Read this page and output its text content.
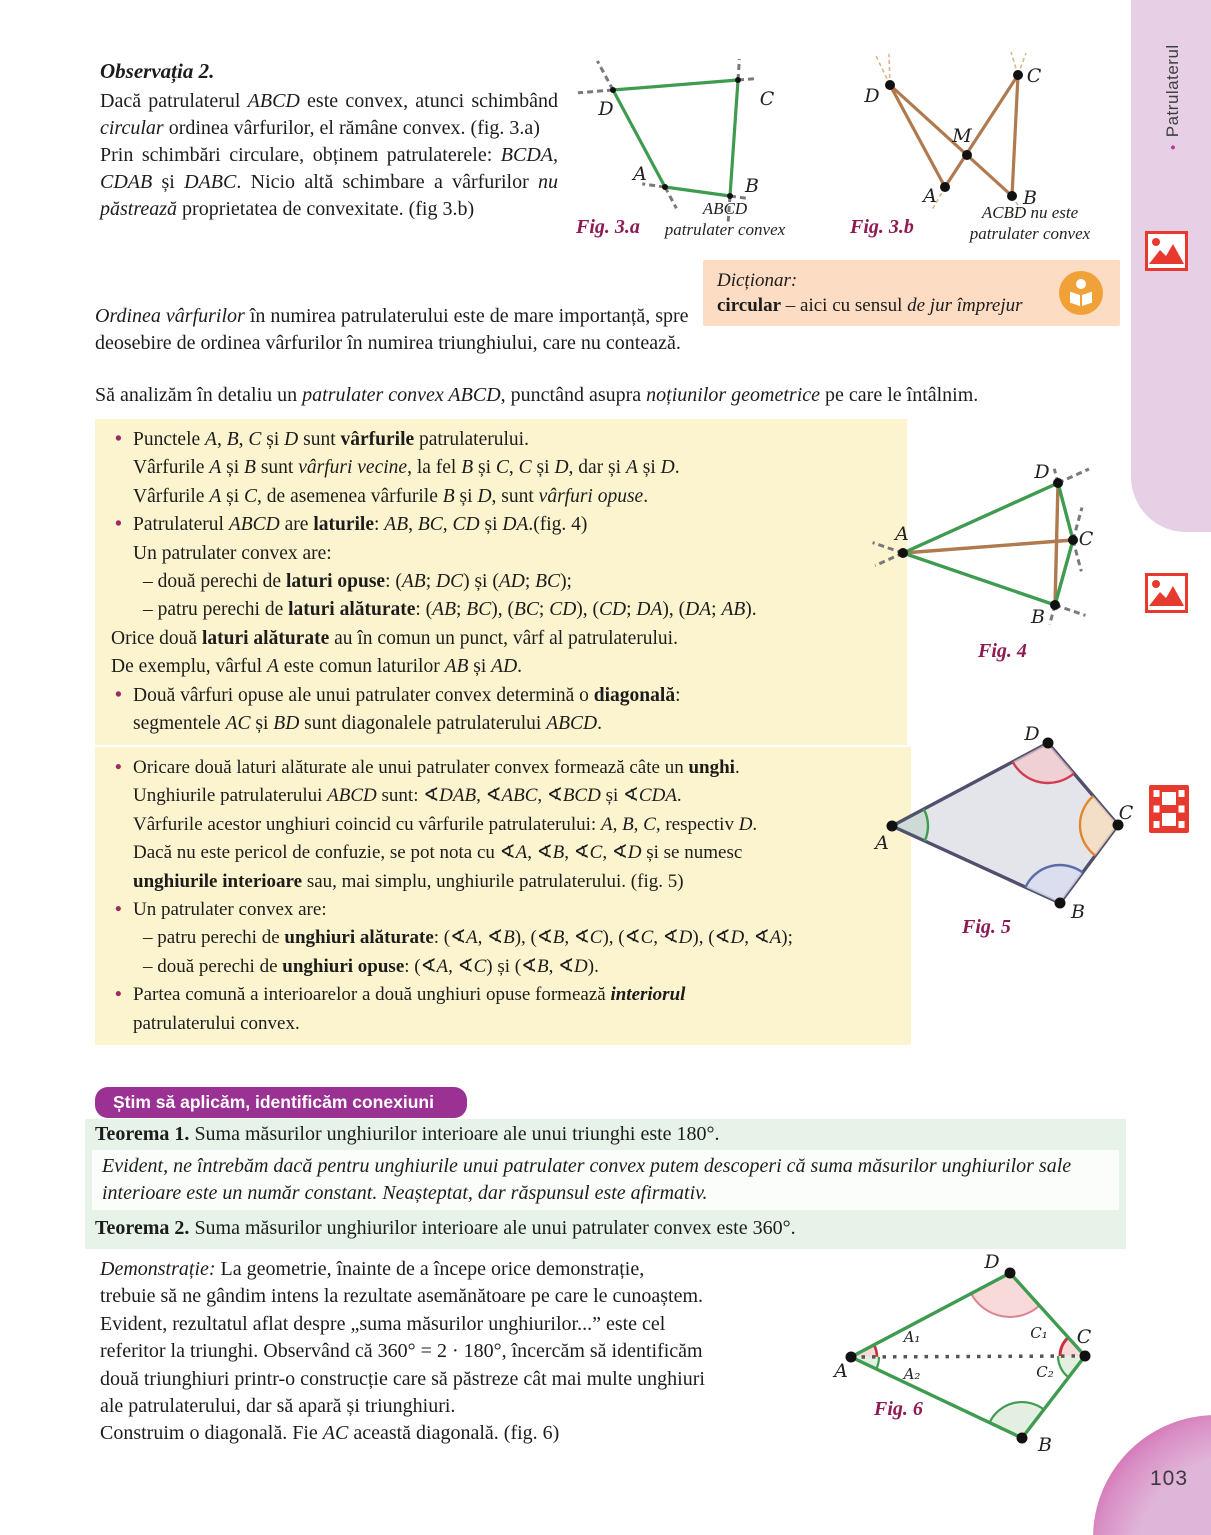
•Patrulaterul
Observația 2.

Dacă patrulaterul ABCD este convex, atunci schimbând circular ordinea vârfurilor, el rămâne convex. (fig. 3.a)

Prin schimbări circulare, obținem patrulaterele: BCDA, CDAB și DABC. Nicio altă schimbare a vârfurilor nu păstrează proprietatea de convexitate. (fig 3.b)

D	C
A
B
Fig. 3.a
ABCD
patrulater convex
D
C
A	B
M
Fig. 3.b
ACBD nu este
patrulater convex
Dicționar:
circular – aici cu sensul de jur împrejur
Ordinea vârfurilor în numirea patrulaterului este de mare importanță, spre deosebire de ordinea vârfurilor în numirea triunghiului, care nu contează.
Să analizăm în detaliu un patrulater convex ABCD, punctând asupra noțiunilor geometrice pe care le întâlnim.
• Punctele A, B, C și D sunt vârfurile patrulaterului.
Vârfurile A și B sunt vârfuri vecine, la fel B și C, C și D, dar și A și D.
Vârfurile A și C, de asemenea vârfurile B și D, sunt vârfuri opuse.
• Patrulaterul ABCD are laturile: AB, BC, CD și DA.(fig. 4)
Un patrulater convex are:
– două perechi de laturi opuse: (AB; DC) și (AD; BC);
– patru perechi de laturi alăturate: (AB; BC), (BC; CD), (CD; DA), (DA; AB).
Orice două laturi alăturate au în comun un punct, vârf al patrulaterului.
De exemplu, vârful A este comun laturilor AB și AD.
• Două vârfuri opuse ale unui patrulater convex determină o diagonală:
segmentele AC și BD sunt diagonalele patrulaterului ABCD.
A
D
C
B
Fig. 4
• Oricare două laturi alăturate ale unui patrulater convex formează câte un unghi.
Unghiurile patrulaterului ABCD sunt: ∢DAB, ∢ABC, ∢BCD și ∢CDA.
Vârfurile acestor unghiuri coincid cu vârfurile patrulaterului: A, B, C, respectiv D.
Dacă nu este pericol de confuzie, se pot nota cu ∢A, ∢B, ∢C, ∢D și se numesc
unghiurile interioare sau, mai simplu, unghiurile patrulaterului. (fig. 5)
• Un patrulater convex are:
– patru perechi de unghiuri alăturate: (∢A, ∢B), (∢B, ∢C), (∢C, ∢D), (∢D, ∢A);
– două perechi de unghiuri opuse: (∢A, ∢C) și (∢B, ∢D).
• Partea comună a interioarelor a două unghiuri opuse formează interiorul
patrulaterului convex.
D
A
C
B
Fig. 5
Știm să aplicăm, identificăm conexiuni
Teorema 1. Suma măsurilor unghiurilor interioare ale unui triunghi este 180°.
Evident, ne întrebăm dacă pentru unghiurile unui patrulater convex putem descoperi că suma măsurilor unghiurilor sale interioare este un număr constant. Neașteptat, dar răspunsul este afirmativ.
Teorema 2. Suma măsurilor unghiurilor interioare ale unui patrulater convex este 360°.
Demonstrație: La geometrie, înainte de a începe orice demonstrație,
trebuie să ne gândim intens la rezultate asemănătoare pe care le cunoaștem.
Evident, rezultatul aflat despre „suma măsurilor unghiurilor...” este cel
referitor la triunghi. Observând că 360° = 2 · 180°, încercăm să identificăm
două triunghiuri printr-o construcție care să păstreze cât mai multe unghiuri
ale patrulaterului, dar să apară și triunghiuri.
Construim o diagonală. Fie AC această diagonală. (fig. 6)
D
A
C
B
A₁
A₂
C₁
C₂
Fig. 6
103
